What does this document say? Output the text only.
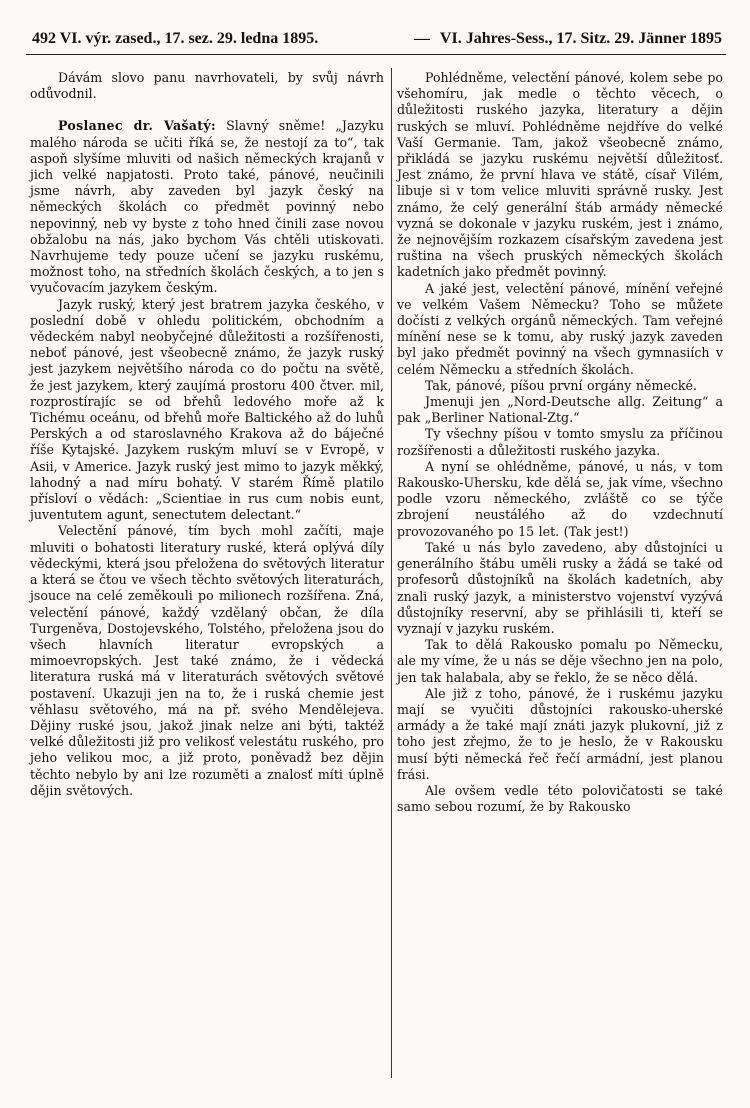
492 VI. výr. zased., 17. sez. 29. ledna 1895.	— VI. Jahres-Sess., 17. Sitz. 29. Jänner 1895

Dávám slovo panu navrhovateli, by svůj návrh odůvodnil.

Poslanec dr. Vašatý: Slavný sněme! „Jazyku malého národa se učiti říká se, že nestojí za to“, tak aspoň slyšíme mluviti od našich německých krajanů v jich velké napjatosti. Proto také, pánové, neučinili jsme návrh, aby zaveden byl jazyk český na německých školách co předmět povinný nebo nepovinný, neb vy byste z toho hned činili zase novou obžalobu na nás, jako bychom Vás chtěli utiskovati. Navrhujeme tedy pouze učení se jazyku ruskému, možnost toho, na středních školách českých, a to jen s vyučovacím jazykem českým.

Jazyk ruský, který jest bratrem jazyka českého, v poslední době v ohledu politickém, obchodním a vědeckém nabyl neobyčejné důležitosti a rozšířenosti, neboť pánové, jest všeobecně známo, že jazyk ruský jest jazykem největšího národa co do počtu na světě, že jest jazykem, který zaujímá prostoru 400 čtver. mil, rozprostírajíc se od břehů ledového moře až k Tichému oceánu, od břehů moře Baltického až do luhů Perských a od staroslavného Krakova až do báječné říše Kytajské. Jazykem ruským mluví se v Evropě, v Asii, v Americe. Jazyk ruský jest mimo to jazyk měkký, lahodný a nad míru bohatý. V starém Římě platilo přísloví o vědách: „Scientiae in rus cum nobis eunt, juventutem agunt, senectutem delectant.“

Velectění pánové, tím bych mohl začíti, maje mluviti o bohatosti literatury ruské, která oplývá díly vědeckými, která jsou přeložena do světových literatur a která se čtou ve všech těchto světových literaturách, jsouce na celé zeměkouli po milionech rozšířena. Zná, velectění pánové, každý vzdělaný občan, že díla Turgeněva, Dostojevského, Tolstého, přeložena jsou do všech hlavních literatur evropských a mimoevropských. Jest také známo, že i vědecká literatura ruská má v literaturách světových světové postavení. Ukazuji jen na to, že i ruská chemie jest věhlasu světového, má na př. svého Mendělejeva. Dějiny ruské jsou, jakož jinak nelze ani býti, taktéž velké důležitosti již pro velikosť velestátu ruského, pro jeho velikou moc, a již proto, poněvadž bez dějin těchto nebylo by ani lze rozuměti a znalosť míti úplně dějin světových.

Pohlédněme, velectění pánové, kolem sebe po všehomíru, jak medle o těchto věcech, o důležitosti ruského jazyka, literatury a dějin ruských se mluví. Pohlédněme nejdříve do velké Vaší Germanie. Tam, jakož všeobecně známo, přikládá se jazyku ruskému největší důležitosť. Jest známo, že první hlava ve státě, císař Vilém, libuje si v tom velice mluviti správně rusky. Jest známo, že celý generální štáb armády německé vyzná se dokonale v jazyku ruském, jest i známo, že nejnovějším rozkazem císařským zavedena jest ruština na všech pruských německých školách kadetních jako předmět povinný.

A jaké jest, velectění pánové, mínění veřejné ve velkém Vašem Německu? Toho se můžete dočísti z velkých orgánů německých. Tam veřejné mínění nese se k tomu, aby ruský jazyk zaveden byl jako předmět povinný na všech gymnasiích v celém Německu a středních školách.

Tak, pánové, píšou první orgány německé.

Jmenuji jen „Nord-Deutsche allg. Zeitung“ a pak „Berliner National-Ztg.“

Ty všechny píšou v tomto smyslu za příčinou rozšířenosti a důležitosti ruského jazyka.

A nyní se ohlédněme, pánové, u nás, v tom Rakousko-Uhersku, kde dělá se, jak víme, všechno podle vzoru německého, zvláště co se týče zbrojení neustálého až do vzdechnutí provozovaného po 15 let. (Tak jest!)

Také u nás bylo zavedeno, aby důstojníci u generálního štábu uměli rusky a žádá se také od profesorů důstojníků na školách kadetních, aby znali ruský jazyk, a ministerstvo vojenství vyzývá důstojníky reservní, aby se přihlásili ti, kteří se vyznají v jazyku ruském.

Tak to dělá Rakousko pomalu po Německu, ale my víme, že u nás se děje všechno jen na polo, jen tak halabala, aby se řeklo, že se něco dělá.

Ale již z toho, pánové, že i ruskému jazyku mají se vyučiti důstojníci rakousko-uherské armády a že také mají znáti jazyk plukovní, již z toho jest zřejmo, že to je heslo, že v Rakousku musí býti německá řeč řečí armádní, jest planou frási.

Ale ovšem vedle této polovičatosti se také samo sebou rozumí, že by Rakousko
